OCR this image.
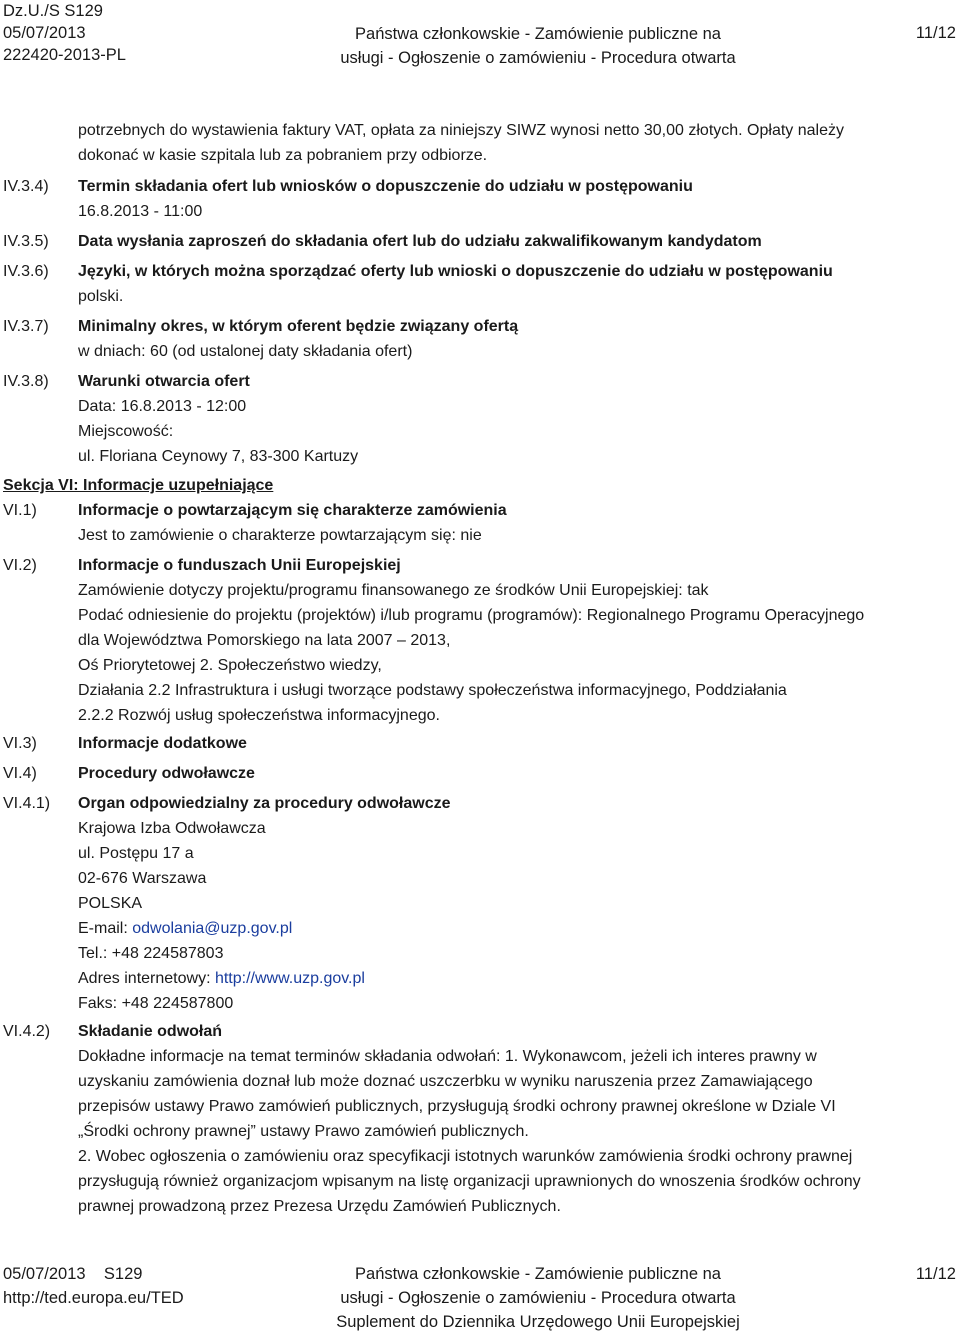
Dz.U./S S129
05/07/2013
222420-2013-PL
Państwa członkowskie - Zamówienie publiczne na
usługi - Ogłoszenie o zamówieniu - Procedura otwarta
11/12
potrzebnych do wystawienia faktury VAT, opłata za niniejszy SIWZ wynosi netto 30,00 złotych. Opłaty należy
dokonać w kasie szpitala lub za pobraniem przy odbiorze.
IV.3.4) Termin składania ofert lub wniosków o dopuszczenie do udziału w postępowaniu
16.8.2013 - 11:00
IV.3.5) Data wysłania zaproszeń do składania ofert lub do udziału zakwalifikowanym kandydatom
IV.3.6) Języki, w których można sporządzać oferty lub wnioski o dopuszczenie do udziału w postępowaniu
polski.
IV.3.7) Minimalny okres, w którym oferent będzie związany ofertą
w dniach: 60 (od ustalonej daty składania ofert)
IV.3.8) Warunki otwarcia ofert
Data: 16.8.2013 - 12:00
Miejscowość:
ul. Floriana Ceynowy 7, 83-300 Kartuzy
Sekcja VI: Informacje uzupełniające
VI.1)	Informacje o powtarzającym się charakterze zamówienia
Jest to zamówienie o charakterze powtarzającym się: nie
VI.2)	Informacje o funduszach Unii Europejskiej
Zamówienie dotyczy projektu/programu finansowanego ze środków Unii Europejskiej: tak
Podać odniesienie do projektu (projektów) i/lub programu (programów): Regionalnego Programu Operacyjnego
dla Województwa Pomorskiego na lata 2007 – 2013,
Oś Priorytetowej 2. Społeczeństwo wiedzy,
Działania 2.2 Infrastruktura i usługi tworzące podstawy społeczeństwa informacyjnego, Poddziałania
2.2.2 Rozwój usług społeczeństwa informacyjnego.
VI.3)	Informacje dodatkowe
VI.4)	Procedury odwoławcze
VI.4.1) Organ odpowiedzialny za procedury odwoławcze
Krajowa Izba Odwoławcza
ul. Postępu 17 a
02-676 Warszawa
POLSKA
E-mail: odwolania@uzp.gov.pl
Tel.: +48 224587803
Adres internetowy: http://www.uzp.gov.pl
Faks: +48 224587800
VI.4.2) Składanie odwołań
Dokładne informacje na temat terminów składania odwołań: 1. Wykonawcom, jeżeli ich interes prawny w
uzyskaniu zamówienia doznał lub może doznać uszczerbku w wyniku naruszenia przez Zamawiającego
przepisów ustawy Prawo zamówień publicznych, przysługują środki ochrony prawnej określone w Dziale VI
„Środki ochrony prawnej” ustawy Prawo zamówień publicznych.
2. Wobec ogłoszenia o zamówieniu oraz specyfikacji istotnych warunków zamówienia środki ochrony prawnej
przysługują również organizacjom wpisanym na listę organizacji uprawnionych do wnoszenia środków ochrony
prawnej prowadzoną przez Prezesa Urzędu Zamówień Publicznych.
05/07/2013    S129
http://ted.europa.eu/TED
Państwa członkowskie - Zamówienie publiczne na
usługi - Ogłoszenie o zamówieniu - Procedura otwarta
Suplement do Dziennika Urzędowego Unii Europejskiej
11/12
